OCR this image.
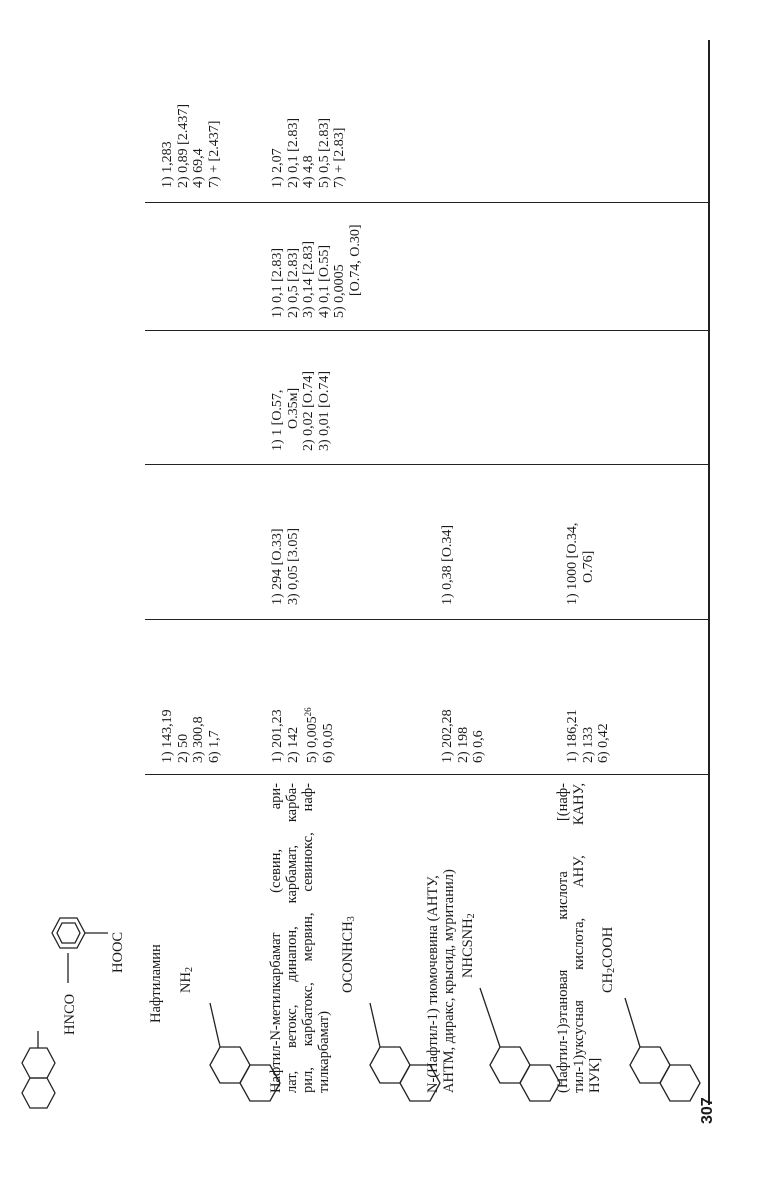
HNCO
HOOC Нафтиламин $NH_2$
1) 143,19 2) 50 3) 300,8 6) 1,7
1) 1,283 2) 0,89 [2.437] 4) 69,4 7) + [2.437]
Нафтил-N-метилкарбамат (севин, ари- лат, ветокс, динапон, карбамат, карба- рил, карбатокс, мервин, севинокс, наф- тилкарбамат)
$OCONHCH_3$
1) 201,23 2) 142 5) 0,005$^{26}$
6) 0,05
1) 294 [O.33] 3) 0,05 [3.05]
1) 1 [O.57, O.35м] 2) 0,02 [O.74] 3) 0,01 [O.74]
1) 0,1 [2.83] 2) 0,5 [2.83] 3) 0,14 [2.83] 4) 0,1 [O.55] 5) 0,0005 [O.74, O.30]
1) 2,07 2) 0,1 [2.83] 4) 4,8 5) 0,5 [2.83] 7) + [2.83]
N-(Нафтил-1) тиомочевина (АНТУ, АНТМ, диракс, крысид, муританил) $NHCSNH_2$
1) 202,28 2) 198 6) 0,6
1) 0,38 [O.34]
(Нафтил-1)этановая кислота [(наф- тил-1)уксусная кислота, АНУ, КАНУ, НУК]
$CH_2COOH$
1) 186,21 2) 133 6) 0,42
1) 1000 [O.34, O.76]
307
